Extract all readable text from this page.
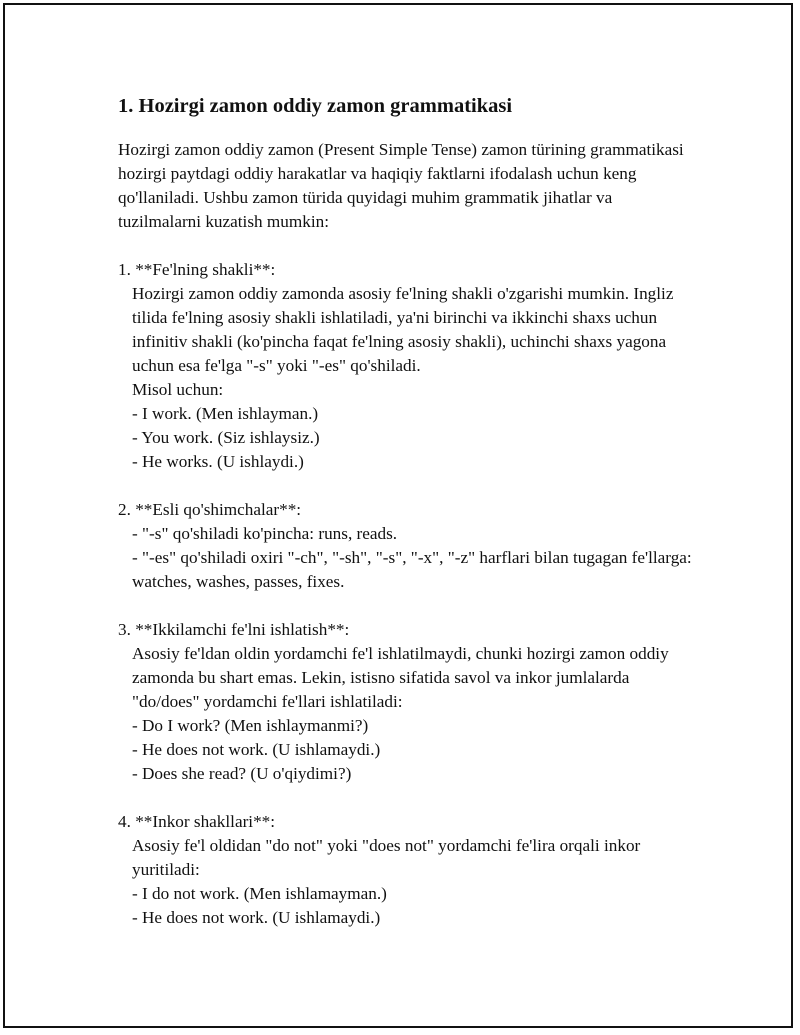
1. Hozirgi zamon oddiy zamon grammatikasi

Hozirgi zamon oddiy zamon (Present Simple Tense) zamon türining grammatikasi hozirgi paytdagi oddiy harakatlar va haqiqiy faktlarni ifodalash uchun keng qo'llaniladi. Ushbu zamon türida quyidagi muhim grammatik jihatlar va tuzilmalarni kuzatish mumkin:

1. **Fe'lning shakli**:

Hozirgi zamon oddiy zamonda asosiy fe'lning shakli o'zgarishi mumkin. Ingliz tilida fe'lning asosiy shakli ishlatiladi, ya'ni birinchi va ikkinchi shaxs uchun infinitiv shakli (ko'pincha faqat fe'lning asosiy shakli), uchinchi shaxs yagona uchun esa fe'lga "-s" yoki "-es" qo'shiladi.

Misol uchun:

- I work. (Men ishlayman.)

- You work. (Siz ishlaysiz.)

- He works. (U ishlaydi.)

2. **Esli qo'shimchalar**:

- "-s" qo'shiladi ko'pincha: runs, reads.

- "-es" qo'shiladi oxiri "-ch", "-sh", "-s", "-x", "-z" harflari bilan tugagan fe'llarga: watches, washes, passes, fixes.

3. **Ikkilamchi fe'lni ishlatish**:

Asosiy fe'ldan oldin yordamchi fe'l ishlatilmaydi, chunki hozirgi zamon oddiy zamonda bu shart emas. Lekin, istisno sifatida savol va inkor jumlalarda "do/does" yordamchi fe'llari ishlatiladi:

- Do I work? (Men ishlaymanmi?)

- He does not work. (U ishlamaydi.)

- Does she read? (U o'qiydimi?)

4. **Inkor shakllari**:

Asosiy fe'l oldidan "do not" yoki "does not" yordamchi fe'lira orqali inkor yuritiladi:

- I do not work. (Men ishlamayman.)

- He does not work. (U ishlamaydi.)
